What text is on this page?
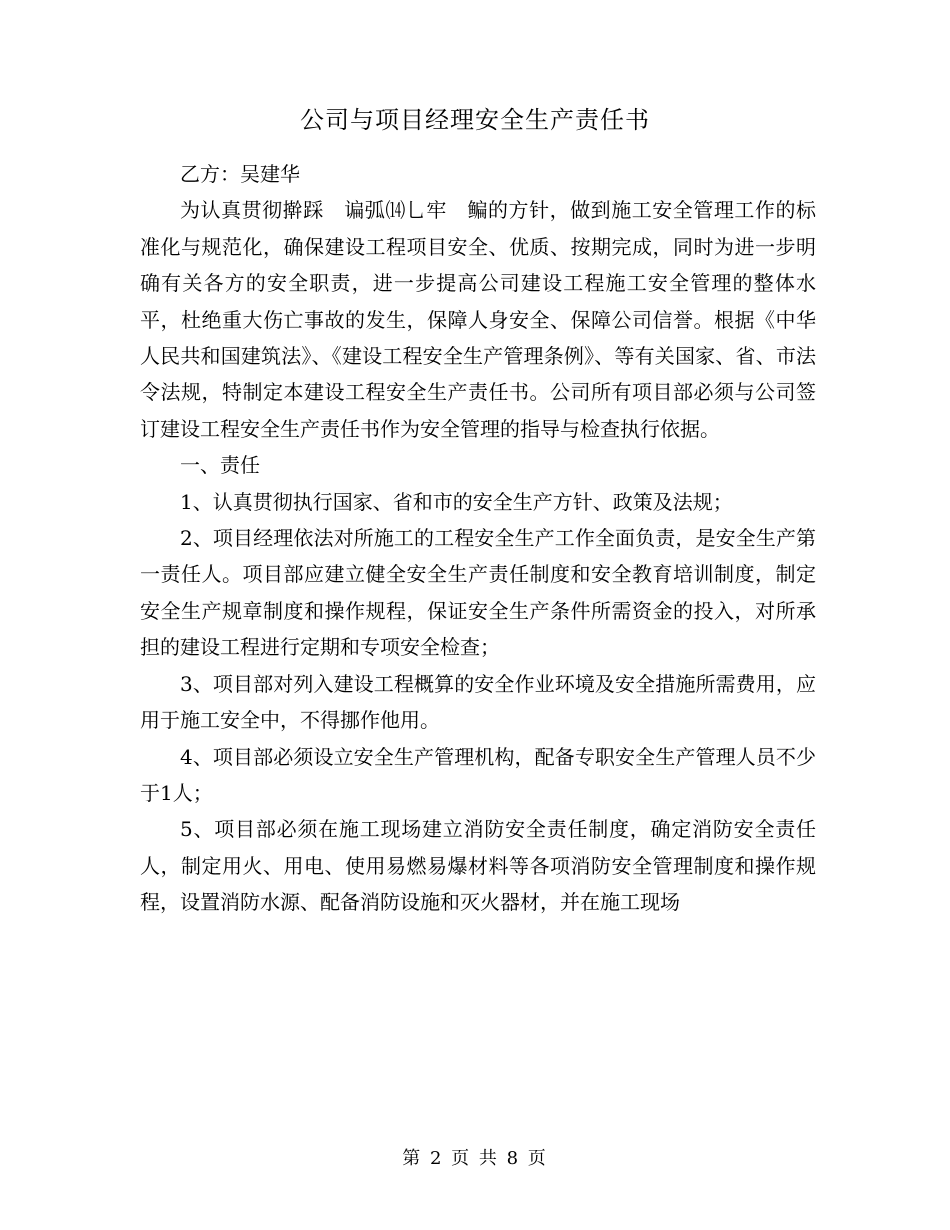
公司与项目经理安全生产责任书

乙方：吴建华

为认真贯彻擀踩　谝弧⒁乚牢　鳊的方针，做到施工安全管理工作的标准化与规范化，确保建设工程项目安全、优质、按期完成，同时为进一步明确有关各方的安全职责，进一步提高公司建设工程施工安全管理的整体水平，杜绝重大伤亡事故的发生，保障人身安全、保障公司信誉。根据《中华人民共和国建筑法》、《建设工程安全生产管理条例》、等有关国家、省、市法令法规，特制定本建设工程安全生产责任书。公司所有项目部必须与公司签订建设工程安全生产责任书作为安全管理的指导与检查执行依据。

一、责任

1、认真贯彻执行国家、省和市的安全生产方针、政策及法规；

2、项目经理依法对所施工的工程安全生产工作全面负责，是安全生产第一责任人。项目部应建立健全安全生产责任制度和安全教育培训制度，制定安全生产规章制度和操作规程，保证安全生产条件所需资金的投入，对所承担的建设工程进行定期和专项安全检查；

3、项目部对列入建设工程概算的安全作业环境及安全措施所需费用，应用于施工安全中，不得挪作他用。

4、项目部必须设立安全生产管理机构，配备专职安全生产管理人员不少于1人；

5、项目部必须在施工现场建立消防安全责任制度，确定消防安全责任人，制定用火、用电、使用易燃易爆材料等各项消防安全管理制度和操作规程，设置消防水源、配备消防设施和灭火器材，并在施工现场

第 2 页 共 8 页
